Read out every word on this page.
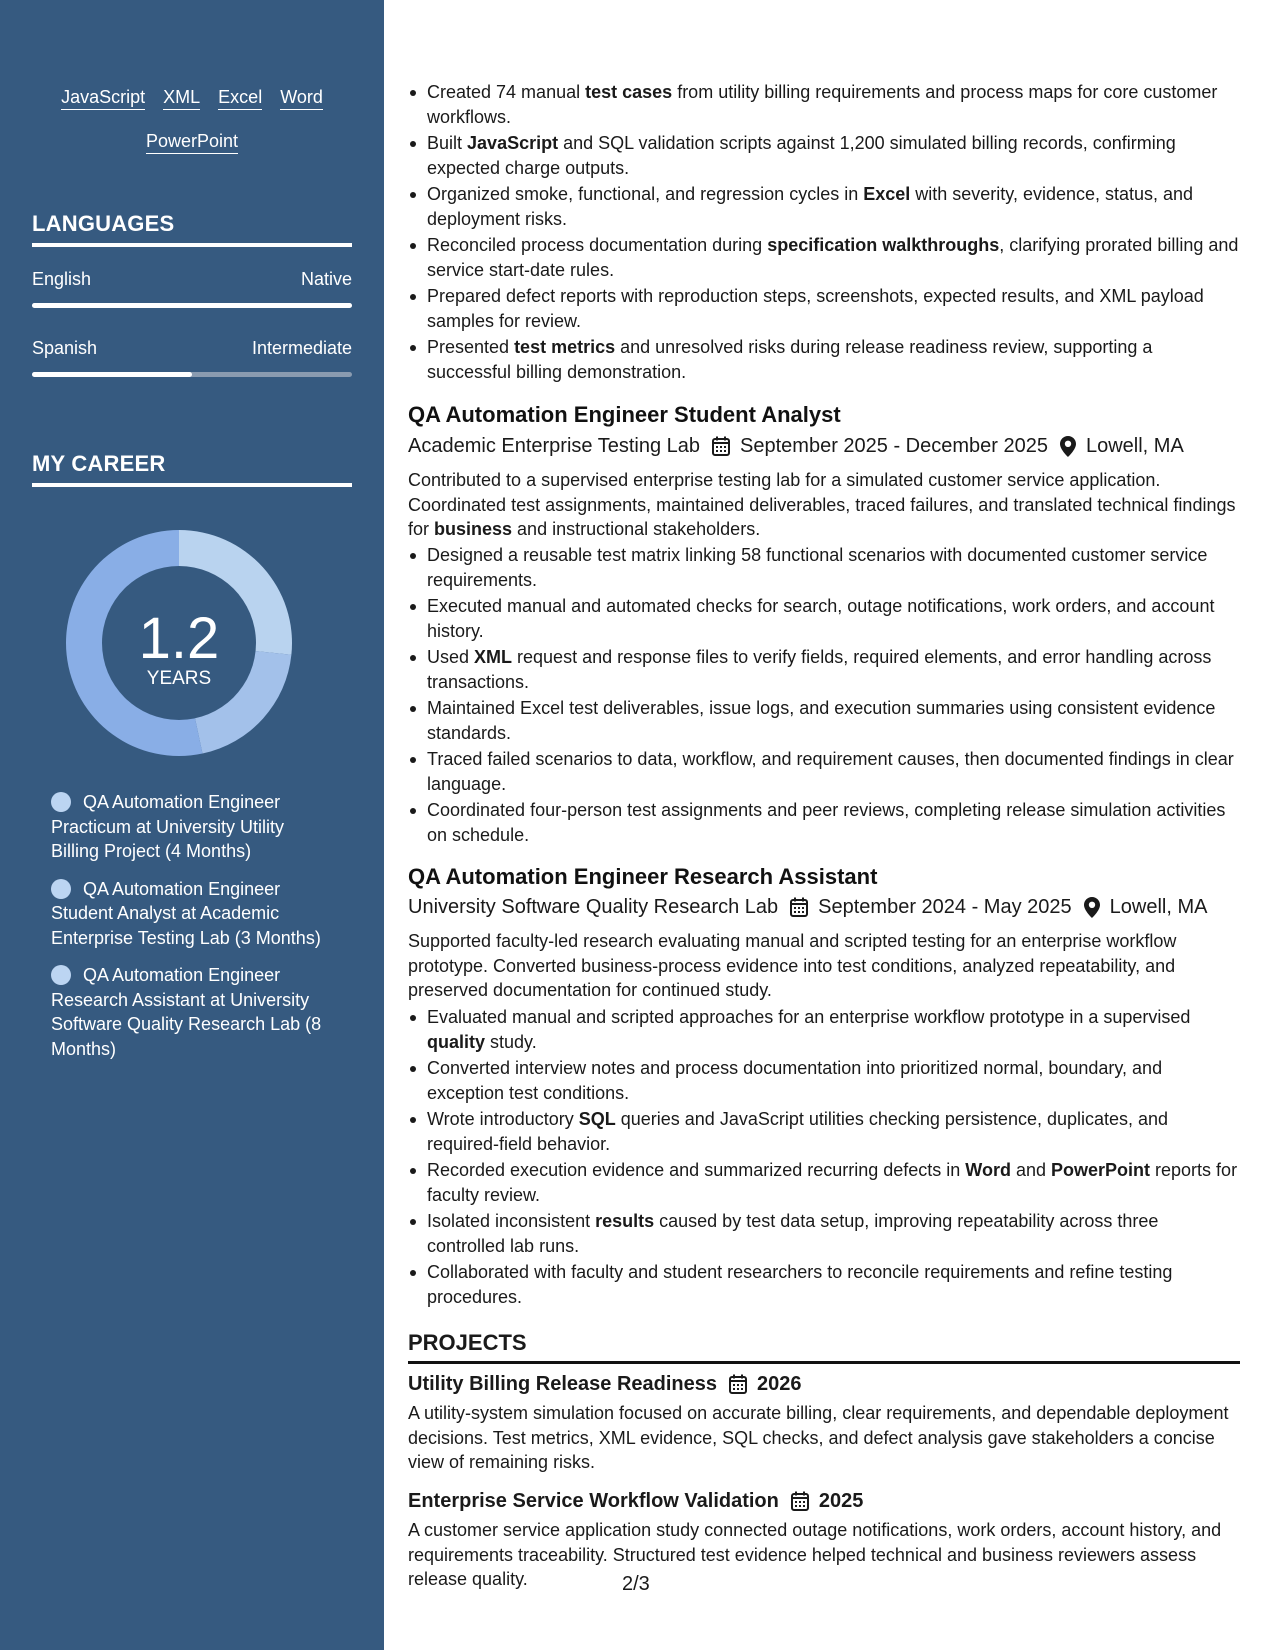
JavaScript XML Excel Word
PowerPoint
LANGUAGES
English	Native
Spanish	Intermediate
MY CAREER
1.2
YEARS
QA Automation Engineer Practicum at University Utility Billing Project (4 Months)
QA Automation Engineer Student Analyst at Academic Enterprise Testing Lab (3 Months)
QA Automation Engineer Research Assistant at University Software Quality Research Lab (8 Months)
Created 74 manual test cases from utility billing requirements and process maps for core customer workflows.
Built JavaScript and SQL validation scripts against 1,200 simulated billing records, confirming expected charge outputs.
Organized smoke, functional, and regression cycles in Excel with severity, evidence, status, and deployment risks.
Reconciled process documentation during specification walkthroughs, clarifying prorated billing and service start-date rules.
Prepared defect reports with reproduction steps, screenshots, expected results, and XML payload samples for review.
Presented test metrics and unresolved risks during release readiness review, supporting a successful billing demonstration.
QA Automation Engineer Student Analyst
Academic Enterprise Testing Lab September 2025 - December 2025 Lowell, MA

Contributed to a supervised enterprise testing lab for a simulated customer service application. Coordinated test assignments, maintained deliverables, traced failures, and translated technical findings for business and instructional stakeholders.

Designed a reusable test matrix linking 58 functional scenarios with documented customer service requirements.
Executed manual and automated checks for search, outage notifications, work orders, and account history.
Used XML request and response files to verify fields, required elements, and error handling across transactions.
Maintained Excel test deliverables, issue logs, and execution summaries using consistent evidence standards.
Traced failed scenarios to data, workflow, and requirement causes, then documented findings in clear language.
Coordinated four-person test assignments and peer reviews, completing release simulation activities on schedule.
QA Automation Engineer Research Assistant
University Software Quality Research Lab September 2024 - May 2025 Lowell, MA

Supported faculty-led research evaluating manual and scripted testing for an enterprise workflow prototype. Converted business-process evidence into test conditions, analyzed repeatability, and preserved documentation for continued study.

Evaluated manual and scripted approaches for an enterprise workflow prototype in a supervised quality study.
Converted interview notes and process documentation into prioritized normal, boundary, and exception test conditions.
Wrote introductory SQL queries and JavaScript utilities checking persistence, duplicates, and required-field behavior.
Recorded execution evidence and summarized recurring defects in Word and PowerPoint reports for faculty review.
Isolated inconsistent results caused by test data setup, improving repeatability across three controlled lab runs.
Collaborated with faculty and student researchers to reconcile requirements and refine testing procedures.
PROJECTS
Utility Billing Release Readiness 2026

A utility-system simulation focused on accurate billing, clear requirements, and dependable deployment decisions. Test metrics, XML evidence, SQL checks, and defect analysis gave stakeholders a concise view of remaining risks.

Enterprise Service Workflow Validation 2025

A customer service application study connected outage notifications, work orders, account history, and requirements traceability. Structured test evidence helped technical and business reviewers assess release quality.	2/3
